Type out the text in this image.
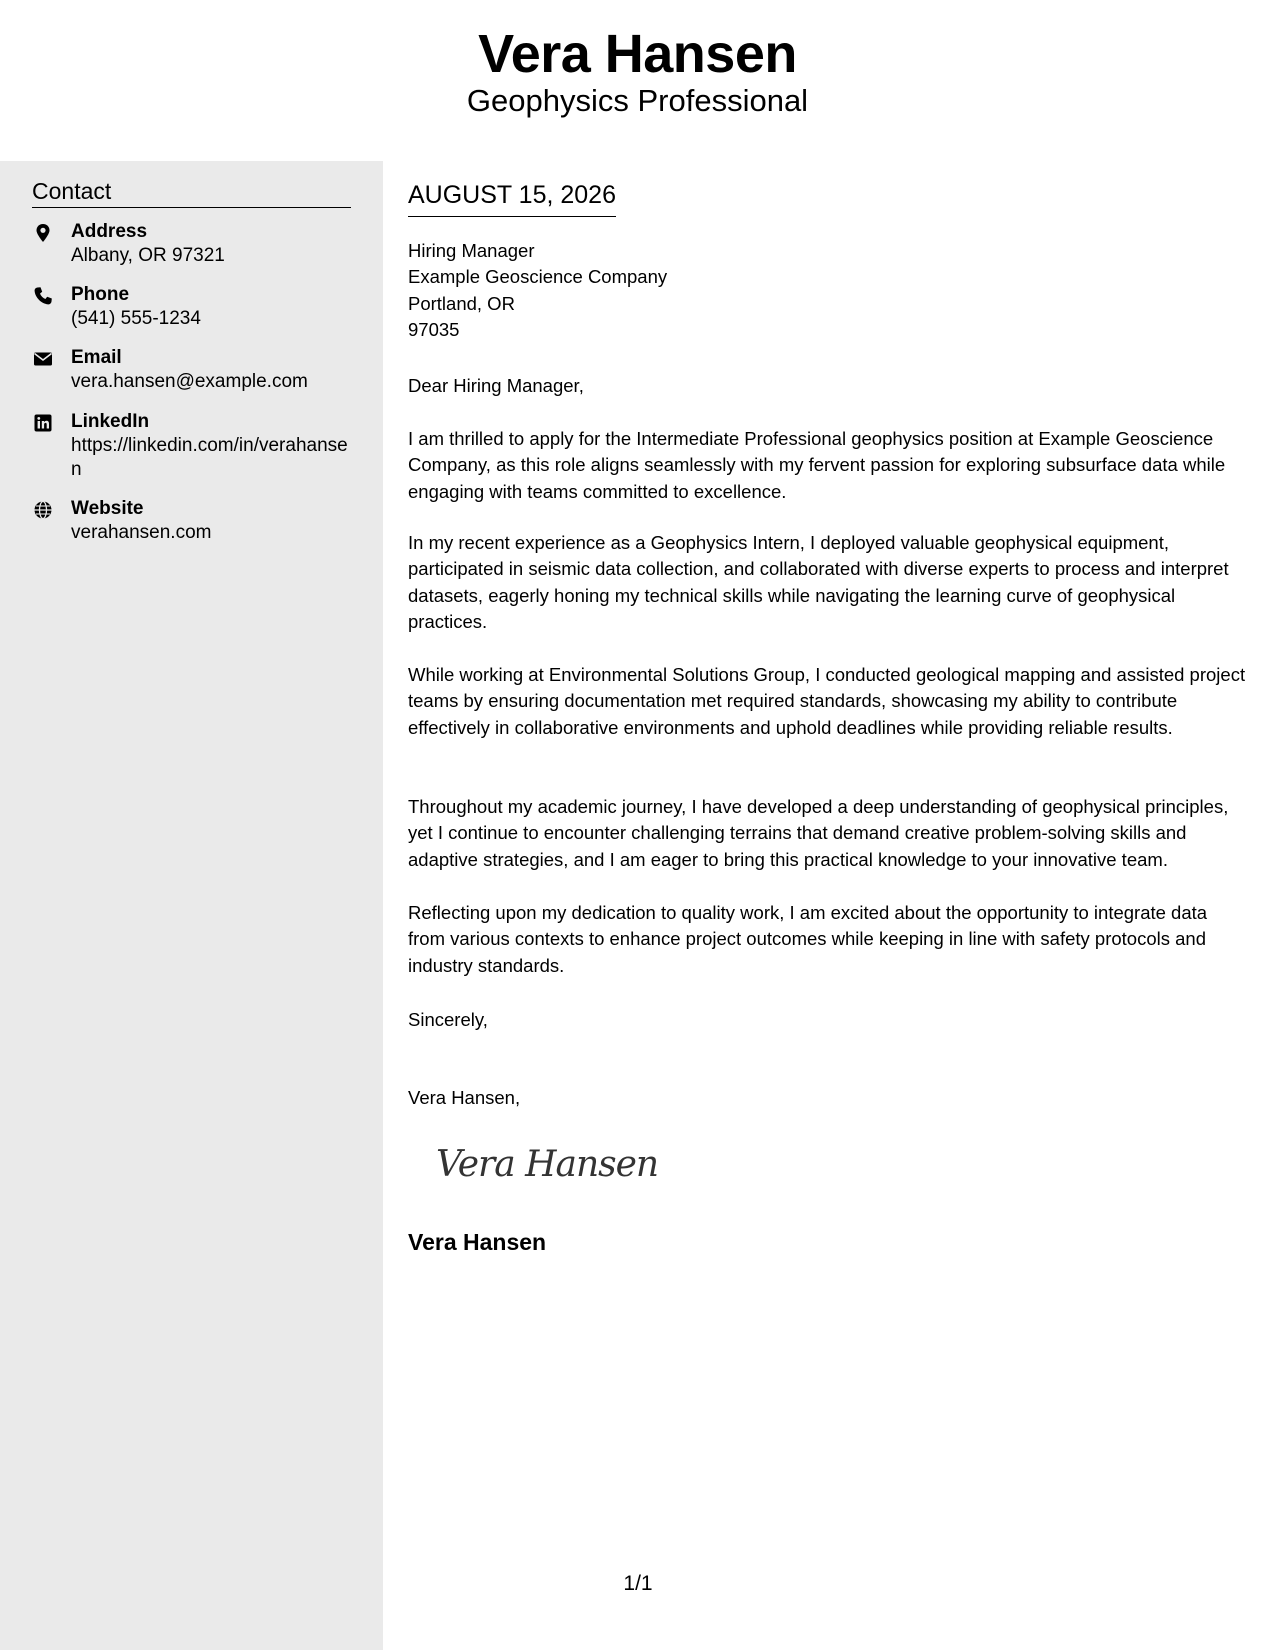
Vera Hansen
Geophysics Professional
Contact
Address
Albany, OR 97321
Phone
(541) 555-1234
Email
vera.hansen@example.com
LinkedIn
https://linkedin.com/in/verahansen
Website
verahansen.com
AUGUST 15, 2026
Hiring Manager
Example Geoscience Company
Portland, OR
97035
Dear Hiring Manager,
I am thrilled to apply for the Intermediate Professional geophysics position at Example Geoscience Company, as this role aligns seamlessly with my fervent passion for exploring subsurface data while engaging with teams committed to excellence.
In my recent experience as a Geophysics Intern, I deployed valuable geophysical equipment, participated in seismic data collection, and collaborated with diverse experts to process and interpret datasets, eagerly honing my technical skills while navigating the learning curve of geophysical practices.
While working at Environmental Solutions Group, I conducted geological mapping and assisted project teams by ensuring documentation met required standards, showcasing my ability to contribute effectively in collaborative environments and uphold deadlines while providing reliable results.
Throughout my academic journey, I have developed a deep understanding of geophysical principles, yet I continue to encounter challenging terrains that demand creative problem-solving skills and adaptive strategies, and I am eager to bring this practical knowledge to your innovative team.
Reflecting upon my dedication to quality work, I am excited about the opportunity to integrate data from various contexts to enhance project outcomes while keeping in line with safety protocols and industry standards.
Sincerely,
Vera Hansen,
Vera Hansen
Vera Hansen
1/1
